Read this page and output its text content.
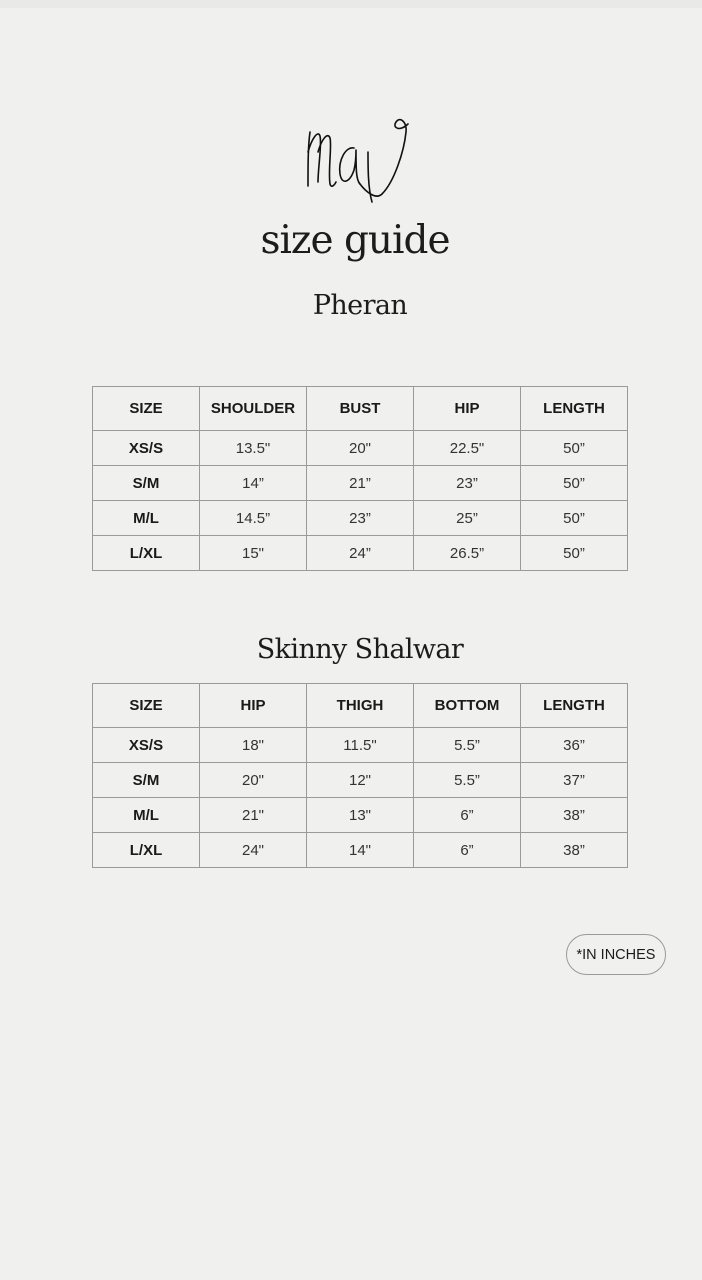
size guide
Pheran
SIZE	SHOULDER	BUST	HIP	LENGTH
XS/S	13.5"	20"	22.5"	50”
S/M	14”	21”	23”	50”
M/L	14.5”	23”	25”	50”
L/XL	15"	24”	26.5”	50”
Skinny Shalwar
SIZE	HIP	THIGH	BOTTOM	LENGTH
XS/S	18"	11.5"	5.5”	36”
S/M	20"	12"	5.5”	37”
M/L	21"	13"	6”	38”
L/XL	24"	14"	6”	38”
*IN INCHES
